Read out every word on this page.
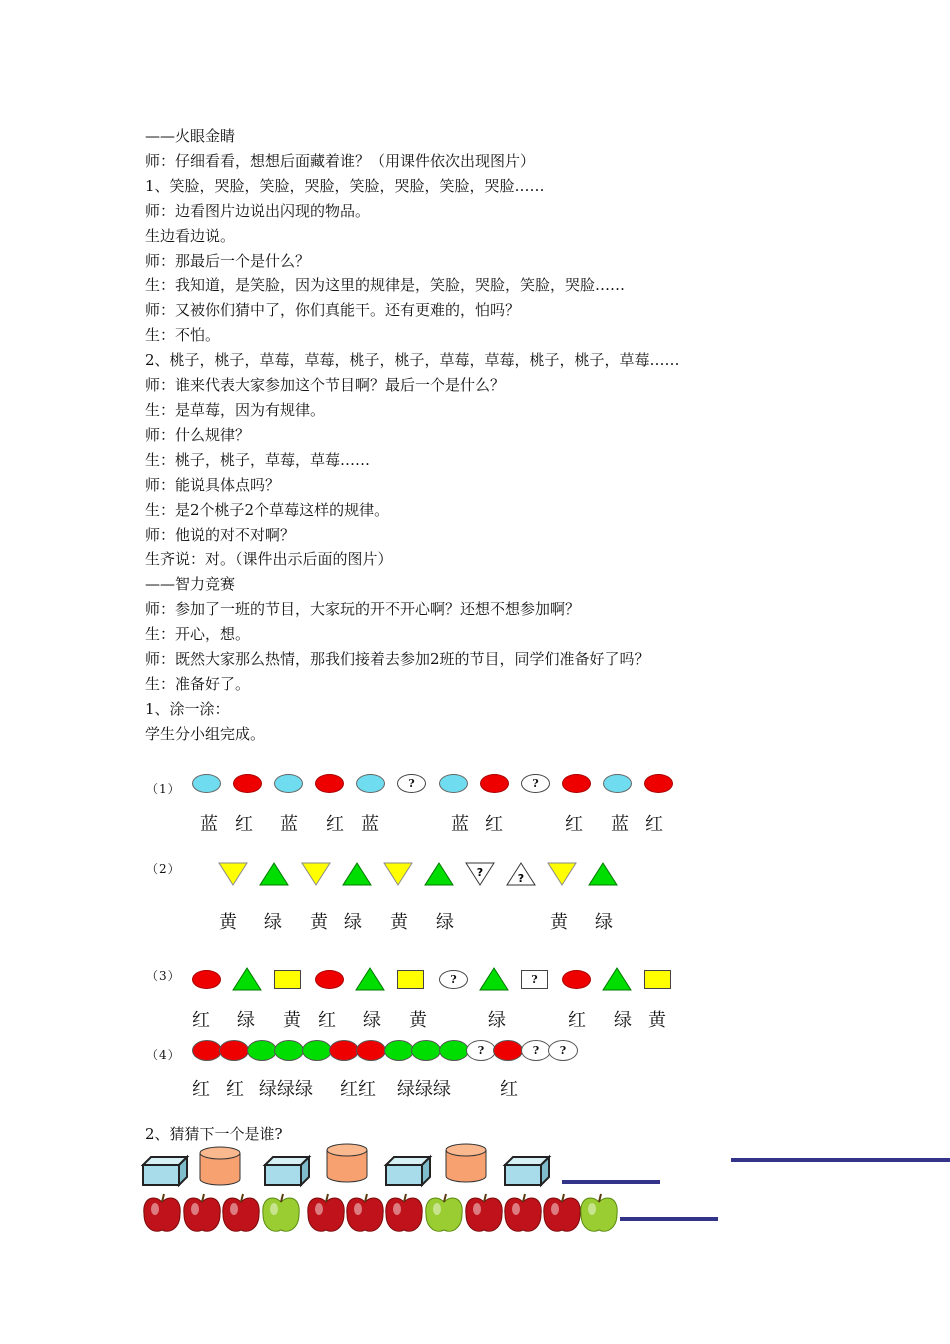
——火眼金睛
师：仔细看看，想想后面藏着谁？（用课件依次出现图片）
1、笑脸，哭脸，笑脸，哭脸，笑脸，哭脸，笑脸，哭脸……
师：边看图片边说出闪现的物品。
生边看边说。
师：那最后一个是什么？
生：我知道，是笑脸，因为这里的规律是，笑脸，哭脸，笑脸，哭脸……
师：又被你们猜中了，你们真能干。还有更难的，怕吗？
生：不怕。
2、桃子，桃子，草莓，草莓，桃子，桃子，草莓，草莓，桃子，桃子，草莓……
师：谁来代表大家参加这个节目啊？最后一个是什么？
生：是草莓，因为有规律。
师：什么规律？
生：桃子，桃子，草莓，草莓……
师：能说具体点吗？
生：是2个桃子2个草莓这样的规律。
师：他说的对不对啊？
生齐说：对。（课件出示后面的图片）
——智力竞赛
师：参加了一班的节目，大家玩的开不开心啊？还想不想参加啊？
生：开心，想。
师：既然大家那么热情，那我们接着去参加2班的节目，同学们准备好了吗？
生：准备好了。
1、涂一涂：
学生分小组完成。
（1）
（2）
（3）
（4）
?	?
蓝 红 蓝 红 蓝	蓝 红	红 蓝 红
?	?
黄 绿 黄 绿 黄 绿	黄 绿
?	?
红 绿 黄 红 绿 黄	绿	红 绿 黄
?	?	?
红 红 绿绿绿 红红 绿绿绿	红
2、猜猜下一个是谁?
